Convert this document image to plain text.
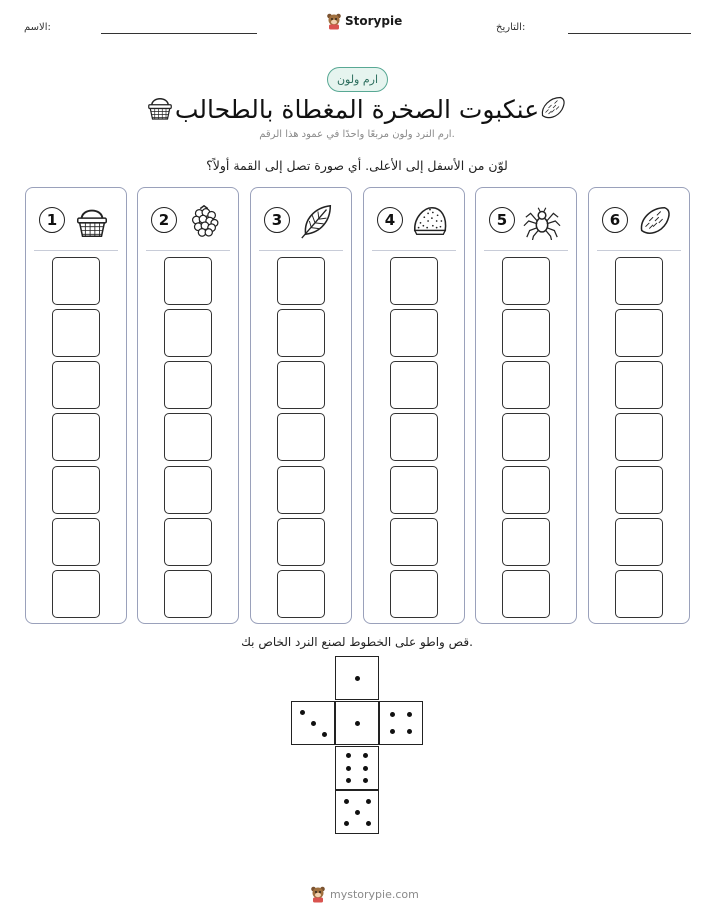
الاسم:	Storypie	التاريخ:
ارم ولون
عنكبوت الصخرة المغطاة بالطحالب
ارم النرد ولون مربعًا واحدًا في عمود هذا الرقم.
لوّن من الأسفل إلى الأعلى. أي صورة تصل إلى القمة أولاً؟
1	2	3	4	5	6
قص واطو على الخطوط لصنع النرد الخاص بك.
mystorypie.com
